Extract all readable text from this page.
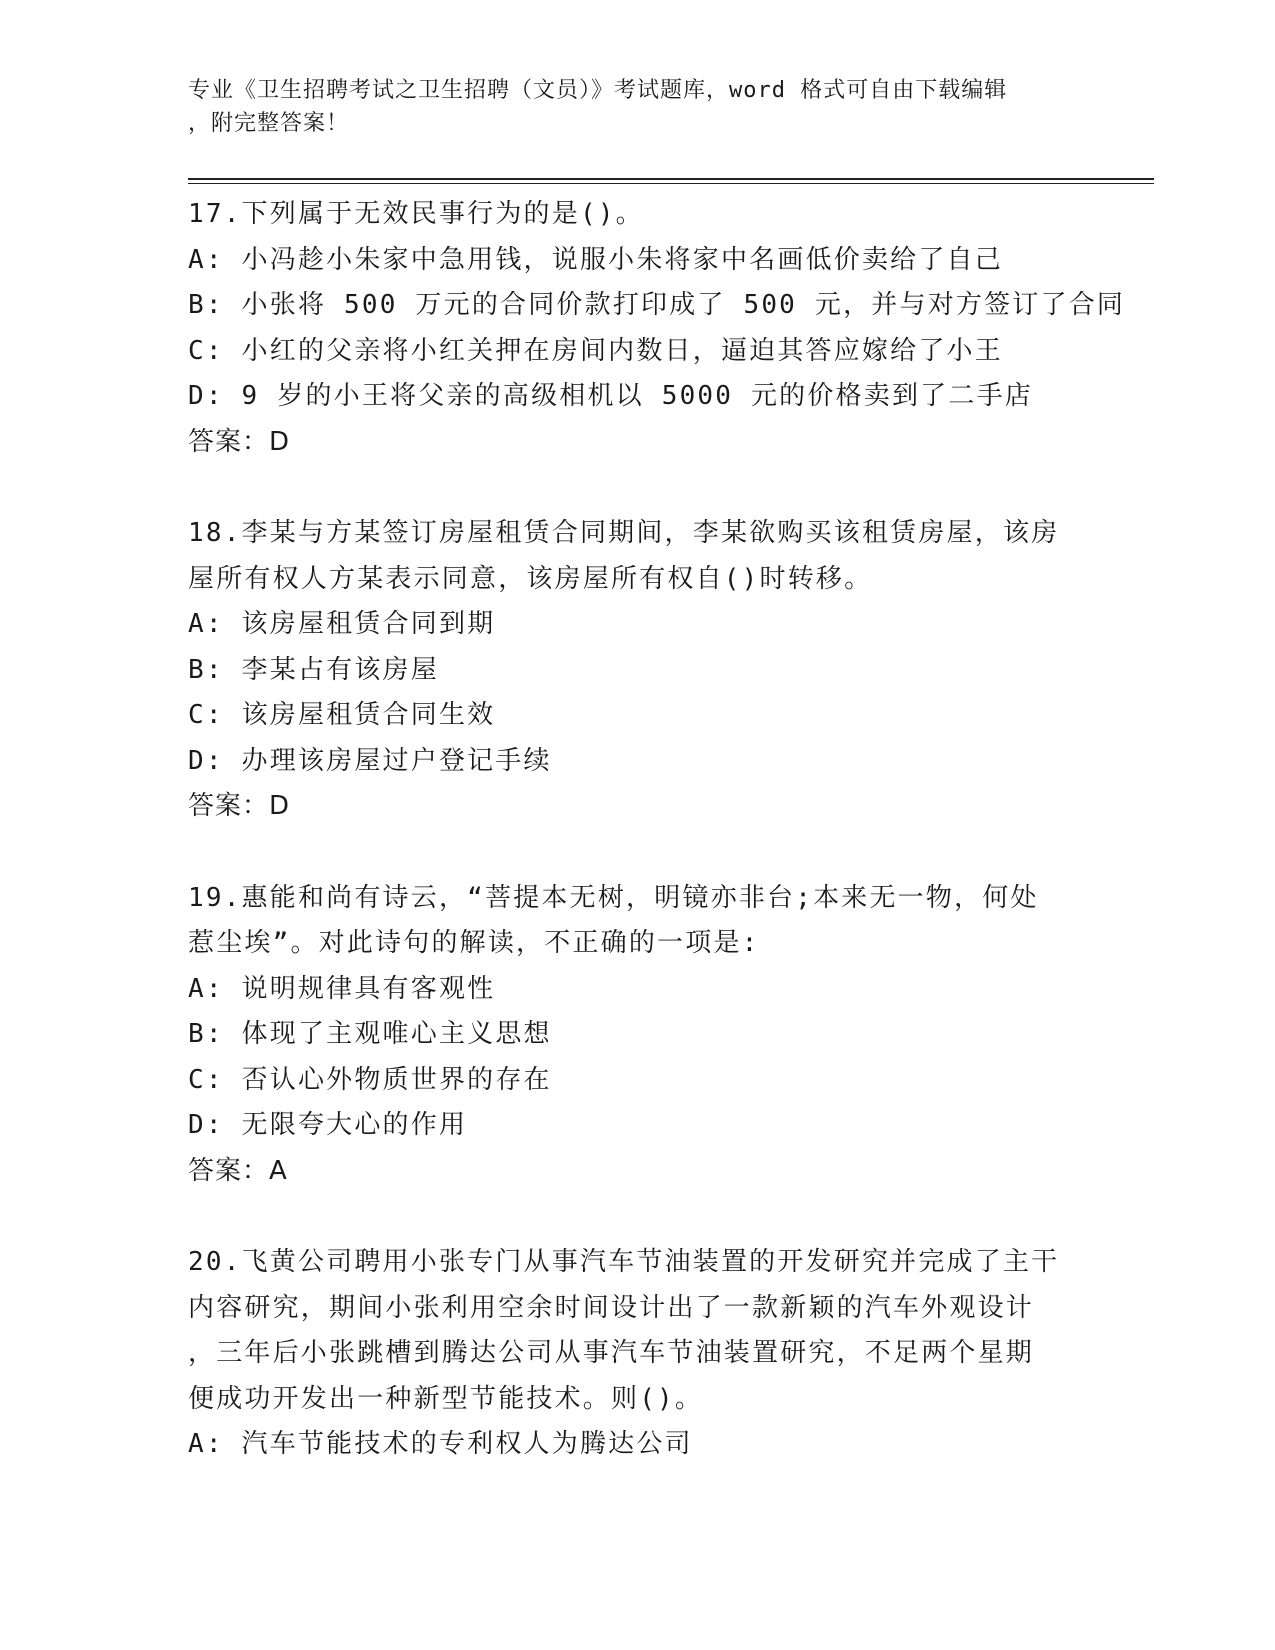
专业《卫生招聘考试之卫生招聘（文员）》考试题库，word 格式可自由下载编辑
，附完整答案！
17.下列属于无效民事行为的是()。
A: 小冯趁小朱家中急用钱，说服小朱将家中名画低价卖给了自己
B: 小张将 500 万元的合同价款打印成了 500 元，并与对方签订了合同
C: 小红的父亲将小红关押在房间内数日，逼迫其答应嫁给了小王
D: 9 岁的小王将父亲的高级相机以 5000 元的价格卖到了二手店
答案：D
18.李某与方某签订房屋租赁合同期间，李某欲购买该租赁房屋，该房
屋所有权人方某表示同意，该房屋所有权自()时转移。
A: 该房屋租赁合同到期
B: 李某占有该房屋
C: 该房屋租赁合同生效
D: 办理该房屋过户登记手续
答案：D
19.惠能和尚有诗云，“菩提本无树，明镜亦非台;本来无一物，何处
惹尘埃”。对此诗句的解读，不正确的一项是:
A: 说明规律具有客观性
B: 体现了主观唯心主义思想
C: 否认心外物质世界的存在
D: 无限夸大心的作用
答案：A
20.飞黄公司聘用小张专门从事汽车节油装置的开发研究并完成了主干
内容研究，期间小张利用空余时间设计出了一款新颖的汽车外观设计
，三年后小张跳槽到腾达公司从事汽车节油装置研究，不足两个星期
便成功开发出一种新型节能技术。则()。
A: 汽车节能技术的专利权人为腾达公司
